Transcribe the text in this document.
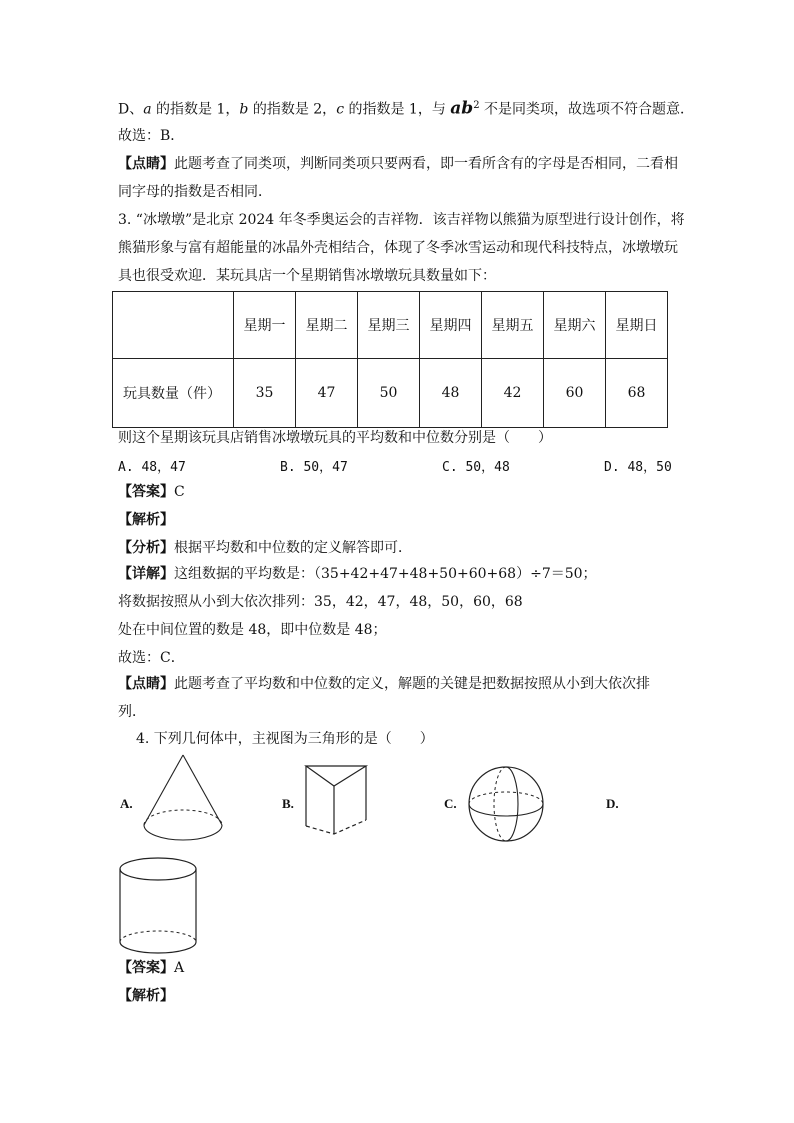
D、a 的指数是 1，b 的指数是 2，c 的指数是 1，与 $ab^2$ 不是同类项，故选项不符合题意．
故选：B．
【点睛】此题考查了同类项，判断同类项只要两看，即一看所含有的字母是否相同，二看相
同字母的指数是否相同．
3. “冰墩墩”是北京 2024 年冬季奥运会的吉祥物．该吉祥物以熊猫为原型进行设计创作，将
熊猫形象与富有超能量的冰晶外壳相结合，体现了冬季冰雪运动和现代科技特点，冰墩墩玩
具也很受欢迎．某玩具店一个星期销售冰墩墩玩具数量如下：
	星期一	星期二	星期三	星期四	星期五	星期六	星期日
玩具数量（件）	35	47	50	48	42	60	68
则这个星期该玩具店销售冰墩墩玩具的平均数和中位数分别是（　　）
A. 48，47	B. 50，47	C. 50，48	D. 48，50
【答案】C
【解析】
【分析】根据平均数和中位数的定义解答即可．
【详解】这组数据的平均数是：（35+42+47+48+50+60+68）÷7＝50；
将数据按照从小到大依次排列：35，42，47，48，50，60，68
处在中间位置的数是 48，即中位数是 48；
故选：C．
【点睛】此题考查了平均数和中位数的定义，解题的关键是把数据按照从小到大依次排
列．
4. 下列几何体中，主视图为三角形的是（　　）
A.	B.	C.	D.
【答案】A
【解析】
